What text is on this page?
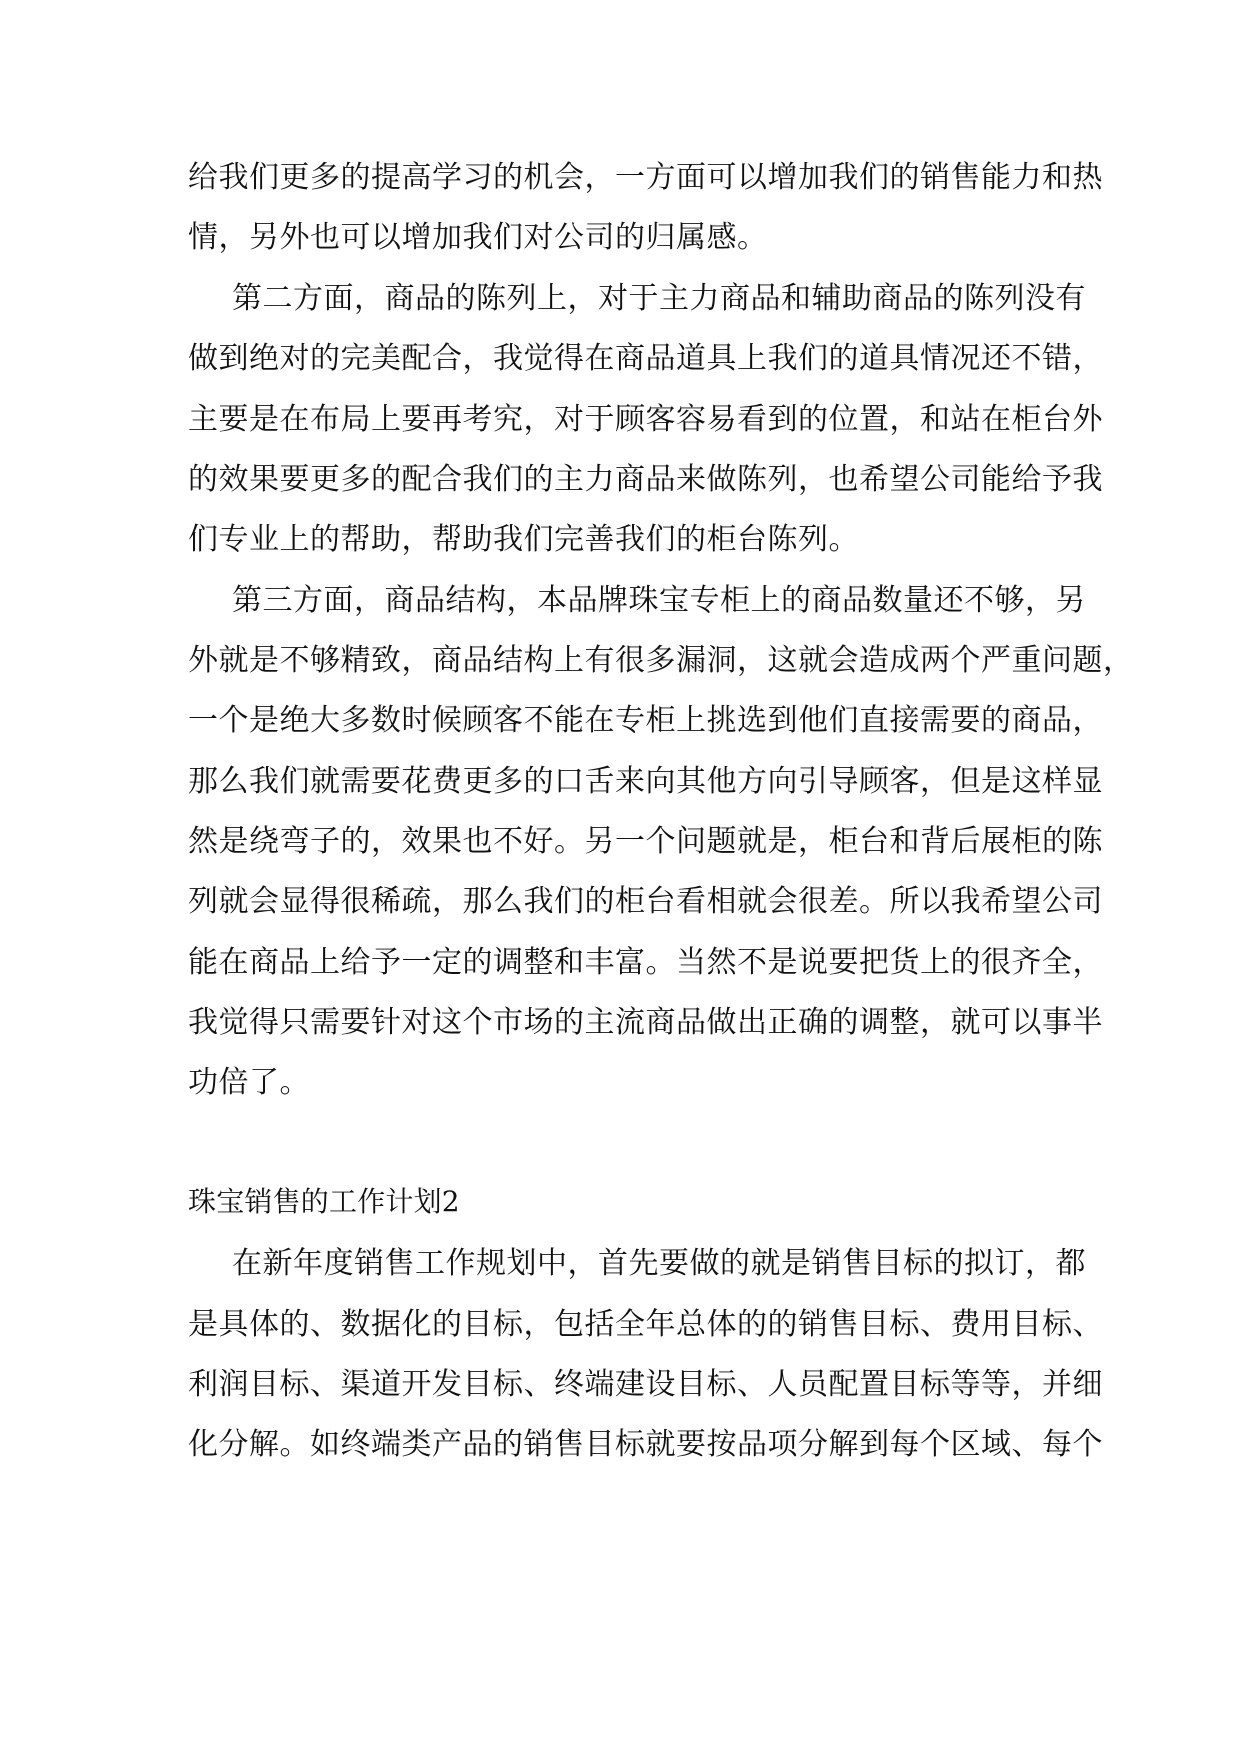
给我们更多的提高学习的机会，一方面可以增加我们的销售能力和热

情，另外也可以增加我们对公司的归属感。

第二方面，商品的陈列上，对于主力商品和辅助商品的陈列没有

做到绝对的完美配合，我觉得在商品道具上我们的道具情况还不错，

主要是在布局上要再考究，对于顾客容易看到的位置，和站在柜台外

的效果要更多的配合我们的主力商品来做陈列，也希望公司能给予我

们专业上的帮助，帮助我们完善我们的柜台陈列。

第三方面，商品结构，本品牌珠宝专柜上的商品数量还不够，另

外就是不够精致，商品结构上有很多漏洞，这就会造成两个严重问题，

一个是绝大多数时候顾客不能在专柜上挑选到他们直接需要的商品，

那么我们就需要花费更多的口舌来向其他方向引导顾客，但是这样显

然是绕弯子的，效果也不好。另一个问题就是，柜台和背后展柜的陈

列就会显得很稀疏，那么我们的柜台看相就会很差。所以我希望公司

能在商品上给予一定的调整和丰富。当然不是说要把货上的很齐全，

我觉得只需要针对这个市场的主流商品做出正确的调整，就可以事半

功倍了。

珠宝销售的工作计划2

在新年度销售工作规划中，首先要做的就是销售目标的拟订，都

是具体的、数据化的目标，包括全年总体的的销售目标、费用目标、

利润目标、渠道开发目标、终端建设目标、人员配置目标等等，并细

化分解。如终端类产品的销售目标就要按品项分解到每个区域、每个
